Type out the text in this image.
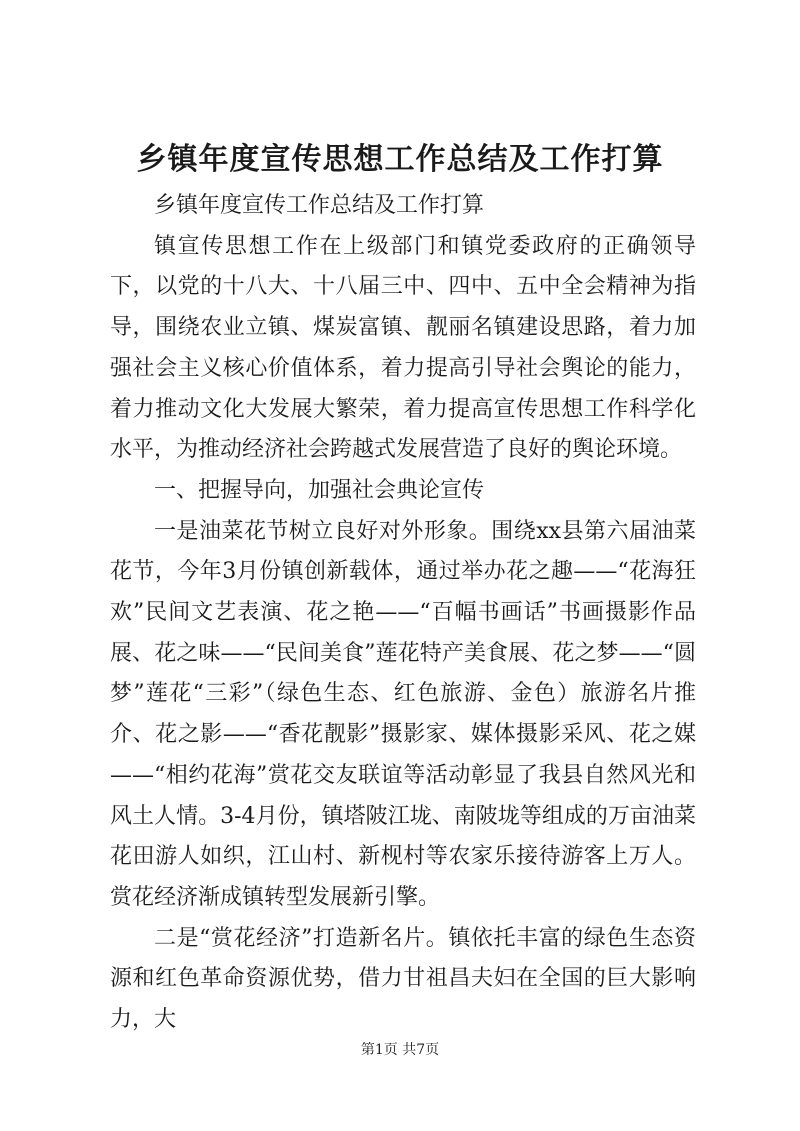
乡镇年度宣传思想工作总结及工作打算

乡镇年度宣传工作总结及工作打算

镇宣传思想工作在上级部门和镇党委政府的正确领导下，以党的十八大、十八届三中、四中、五中全会精神为指导，围绕农业立镇、煤炭富镇、靓丽名镇建设思路，着力加强社会主义核心价值体系，着力提高引导社会舆论的能力，着力推动文化大发展大繁荣，着力提高宣传思想工作科学化水平，为推动经济社会跨越式发展营造了良好的舆论环境。

一、把握导向，加强社会典论宣传

一是油菜花节树立良好对外形象。围绕xx县第六届油菜花节，今年3月份镇创新载体，通过举办花之趣——“花海狂欢”民间文艺表演、花之艳——“百幅书画话”书画摄影作品展、花之味——“民间美食”莲花特产美食展、花之梦——“圆梦”莲花“三彩”（绿色生态、红色旅游、金色）旅游名片推介、花之影——“香花靓影”摄影家、媒体摄影采风、花之媒——“相约花海”赏花交友联谊等活动彰显了我县自然风光和风土人情。3-4月份，镇塔陂江垅、南陂垅等组成的万亩油菜花田游人如织，江山村、新枧村等农家乐接待游客上万人。赏花经济渐成镇转型发展新引擎。

二是“赏花经济”打造新名片。镇依托丰富的绿色生态资源和红色革命资源优势，借力甘祖昌夫妇在全国的巨大影响力，大

第1页 共7页
